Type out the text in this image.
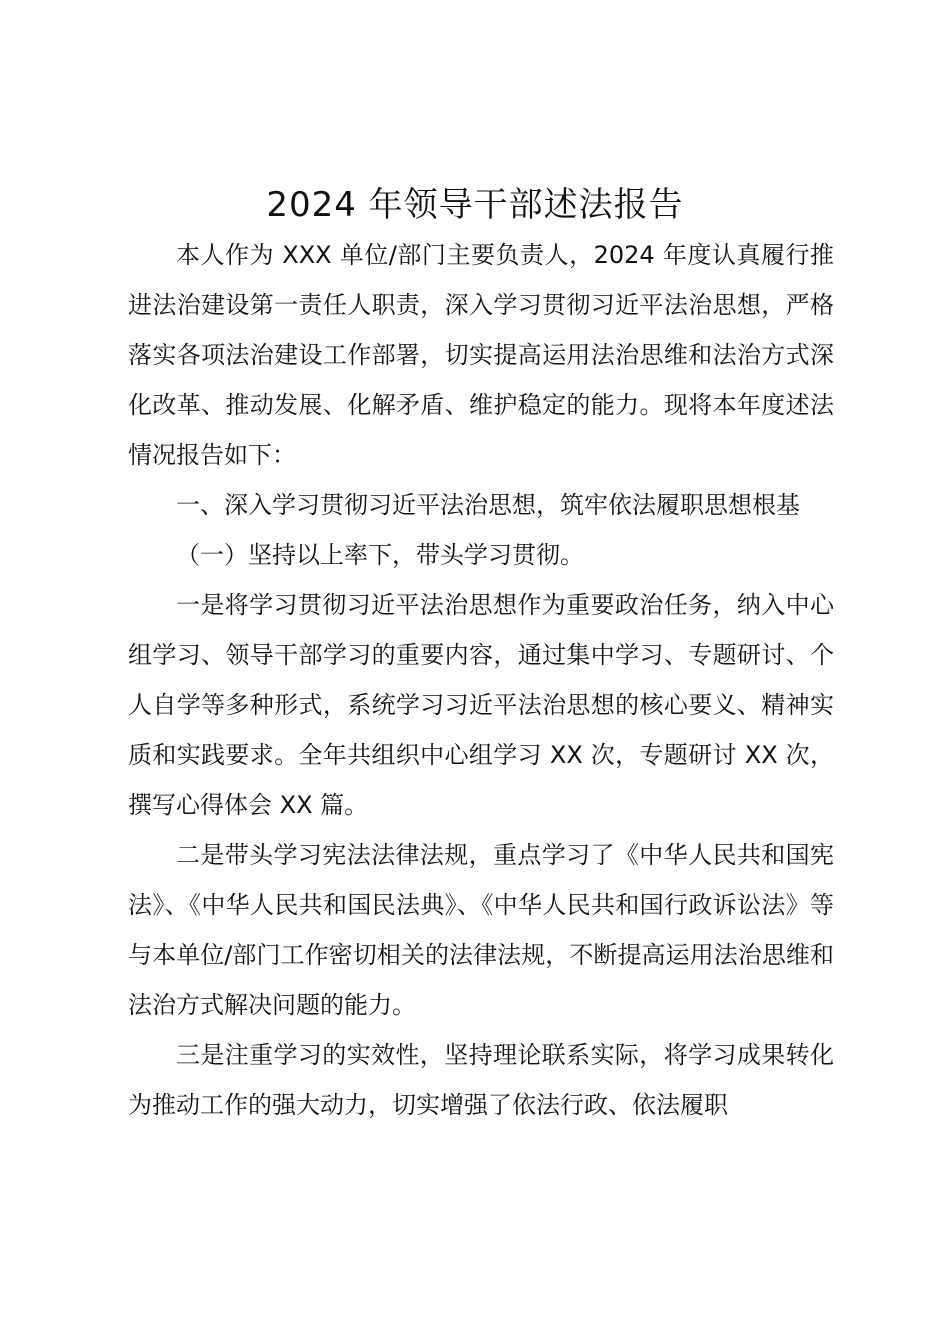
2024 年领导干部述法报告

本人作为 XXX 单位/部门主要负责人，2024 年度认真履行推进法治建设第一责任人职责，深入学习贯彻习近平法治思想，严格落实各项法治建设工作部署，切实提高运用法治思维和法治方式深化改革、推动发展、化解矛盾、维护稳定的能力。现将本年度述法情况报告如下：

一、深入学习贯彻习近平法治思想，筑牢依法履职思想根基

（一）坚持以上率下，带头学习贯彻。

一是将学习贯彻习近平法治思想作为重要政治任务，纳入中心组学习、领导干部学习的重要内容，通过集中学习、专题研讨、个人自学等多种形式，系统学习习近平法治思想的核心要义、精神实质和实践要求。全年共组织中心组学习 XX 次，专题研讨 XX 次，撰写心得体会 XX 篇。

二是带头学习宪法法律法规，重点学习了《中华人民共和国宪法》、《中华人民共和国民法典》、《中华人民共和国行政诉讼法》等与本单位/部门工作密切相关的法律法规，不断提高运用法治思维和法治方式解决问题的能力。

三是注重学习的实效性，坚持理论联系实际，将学习成果转化为推动工作的强大动力，切实增强了依法行政、依法履职
